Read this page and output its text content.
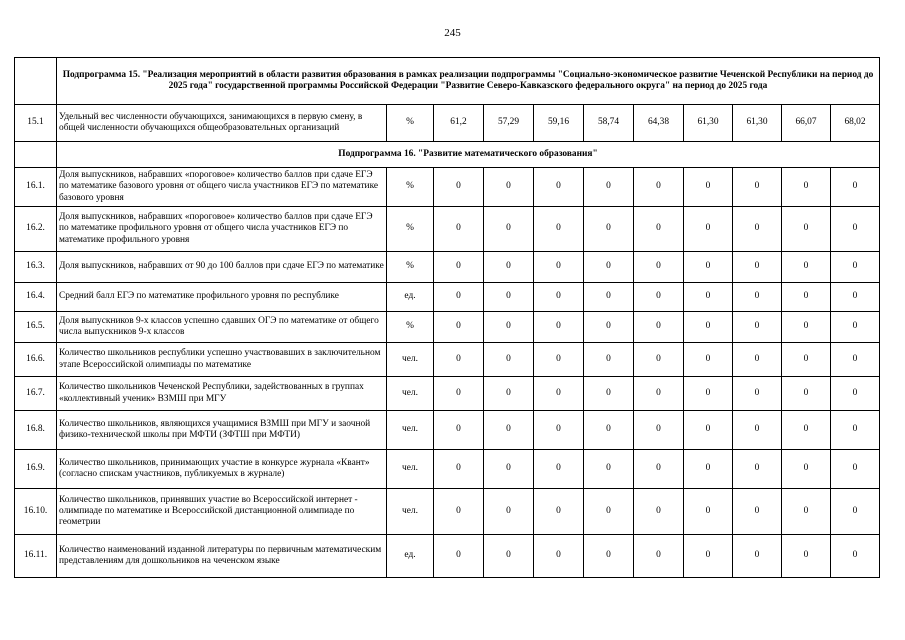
245
	Подпрограмма 15. "Реализация мероприятий в области развития образования в рамках реализации подпрограммы "Социально-экономическое развитие Чеченской Республики на период до 2025 года" государственной программы Российской Федерации "Развитие Северо-Кавказского федерального округа" на период до 2025 года										
15.1	Удельный вес численности обучающихся, занимающихся в первую смену, в общей численности обучающихся общеобразовательных организаций	%	61,2	57,29	59,16	58,74	64,38	61,30	61,30	66,07	68,02
	Подпрограмма 16. "Развитие математического образования"										
16.1.	Доля выпускников, набравших «пороговое» количество баллов при сдаче ЕГЭ по математике базового уровня от общего числа участников ЕГЭ по математике базового уровня	%	0	0	0	0	0	0	0	0	0
16.2.	Доля выпускников, набравших «пороговое» количество баллов при сдаче ЕГЭ по математике профильного уровня от общего числа участников ЕГЭ по математике профильного уровня	%	0	0	0	0	0	0	0	0	0
16.3.	Доля выпускников, набравших от 90 до 100 баллов при сдаче ЕГЭ по математике	%	0	0	0	0	0	0	0	0	0
16.4.	Средний балл ЕГЭ по математике профильного уровня по республике	ед.	0	0	0	0	0	0	0	0	0
16.5.	Доля выпускников 9-х классов успешно сдавших ОГЭ по математике от общего числа выпускников 9-х классов	%	0	0	0	0	0	0	0	0	0
16.6.	Количество школьников республики успешно участвовавших в заключительном этапе Всероссийской олимпиады по математике	чел.	0	0	0	0	0	0	0	0	0
16.7.	Количество школьников Чеченской Республики, задействованных в группах «коллективный ученик» ВЗМШ при МГУ	чел.	0	0	0	0	0	0	0	0	0
16.8.	Количество школьников, являющихся учащимися ВЗМШ при МГУ и заочной физико-технической школы при МФТИ (ЗФТШ при МФТИ)	чел.	0	0	0	0	0	0	0	0	0
16.9.	Количество школьников, принимающих участие в конкурсе журнала «Квант» (согласно спискам участников, публикуемых в журнале)	чел.	0	0	0	0	0	0	0	0	0
16.10.	Количество школьников, принявших участие во Всероссийской интернет - олимпиаде по математике и Всероссийской дистанционной олимпиаде по геометрии	чел.	0	0	0	0	0	0	0	0	0
16.11.	Количество наименований изданной литературы по первичным математическим представлениям для дошкольников на чеченском языке	ед.	0	0	0	0	0	0	0	0	0
